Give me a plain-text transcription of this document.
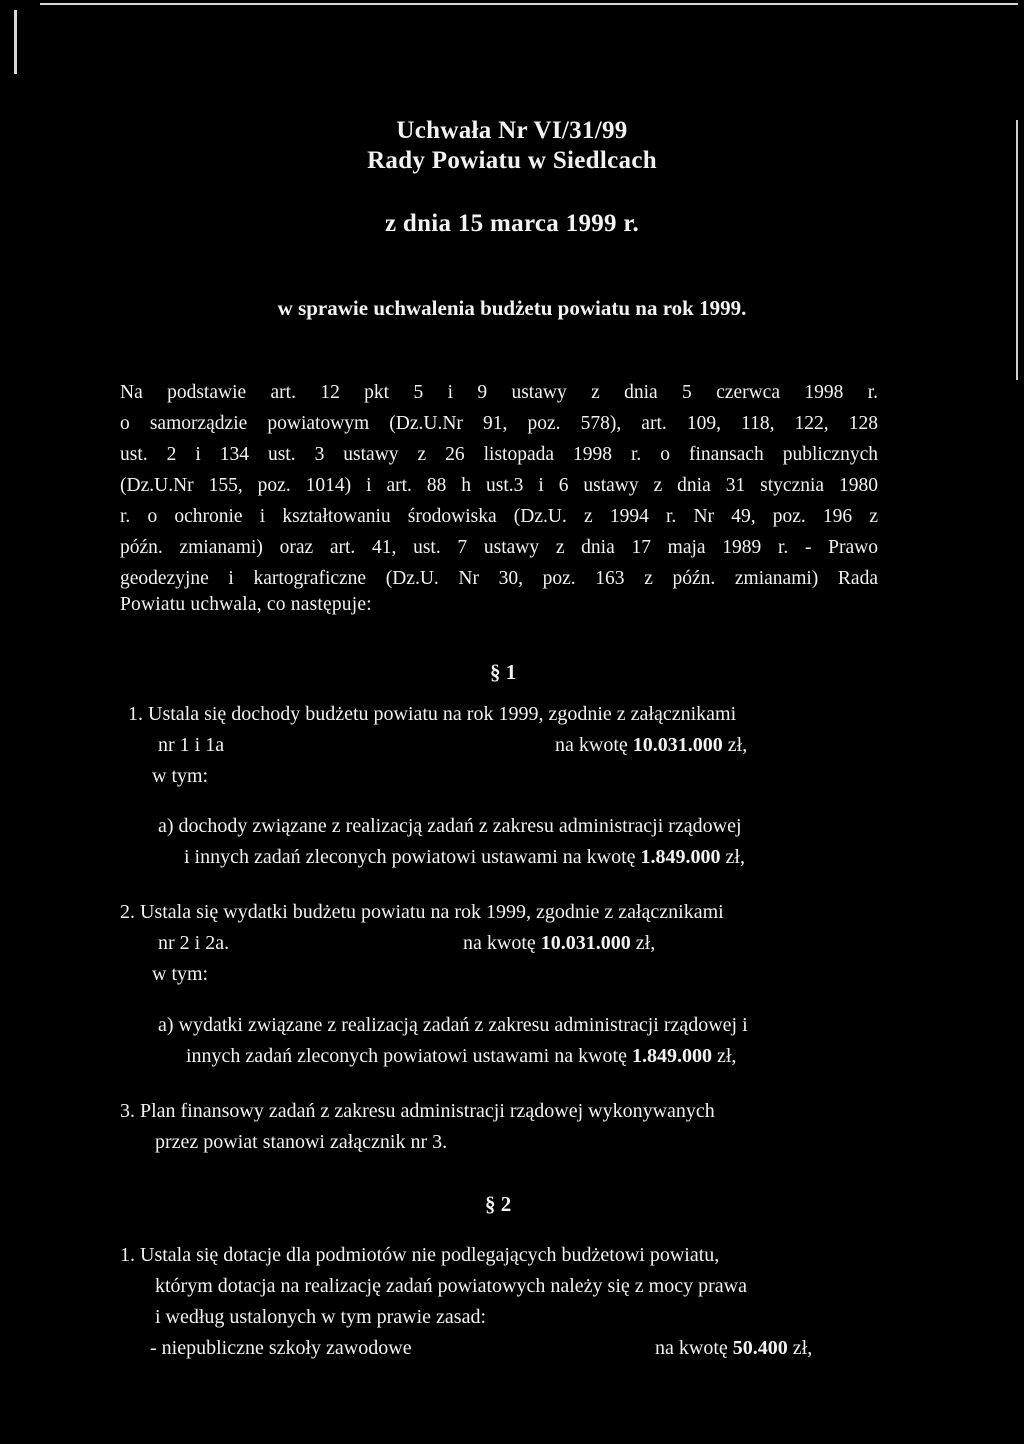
Uchwała Nr VI/31/99
Rady Powiatu w Siedlcach
z dnia 15 marca 1999 r.
w sprawie uchwalenia budżetu powiatu na rok 1999.
Na podstawie art. 12 pkt 5 i 9 ustawy z dnia 5 czerwca 1998 r.
o samorządzie powiatowym (Dz.U.Nr 91, poz. 578), art. 109, 118, 122, 128
ust. 2 i 134 ust. 3 ustawy z 26 listopada 1998 r. o finansach publicznych
(Dz.U.Nr 155, poz. 1014) i art. 88 h ust.3 i 6 ustawy z dnia 31 stycznia 1980
r. o ochronie i kształtowaniu środowiska (Dz.U. z 1994 r. Nr 49, poz. 196 z
późn. zmianami) oraz art. 41, ust. 7 ustawy z dnia 17 maja 1989 r. - Prawo
geodezyjne i kartograficzne (Dz.U. Nr 30, poz. 163 z późn. zmianami) Rada
Powiatu uchwala, co następuje:
§ 1
1. Ustala się dochody budżetu powiatu na rok 1999, zgodnie z załącznikami
nr 1 i 1a	na kwotę 10.031.000 zł,
w tym:
a) dochody związane z realizacją zadań z zakresu administracji rządowej
i innych zadań zleconych powiatowi ustawami na kwotę 1.849.000 zł,
2. Ustala się wydatki budżetu powiatu na rok 1999, zgodnie z załącznikami
nr 2 i 2a.	na kwotę 10.031.000 zł,
w tym:
a) wydatki związane z realizacją zadań z zakresu administracji rządowej i
innych zadań zleconych powiatowi ustawami na kwotę 1.849.000 zł,
3. Plan finansowy zadań z zakresu administracji rządowej wykonywanych
przez powiat stanowi załącznik nr 3.
§ 2
1. Ustala się dotacje dla podmiotów nie podlegających budżetowi powiatu,
którym dotacja na realizację zadań powiatowych należy się z mocy prawa
i według ustalonych w tym prawie zasad:
- niepubliczne szkoły zawodowe	na kwotę 50.400 zł,
